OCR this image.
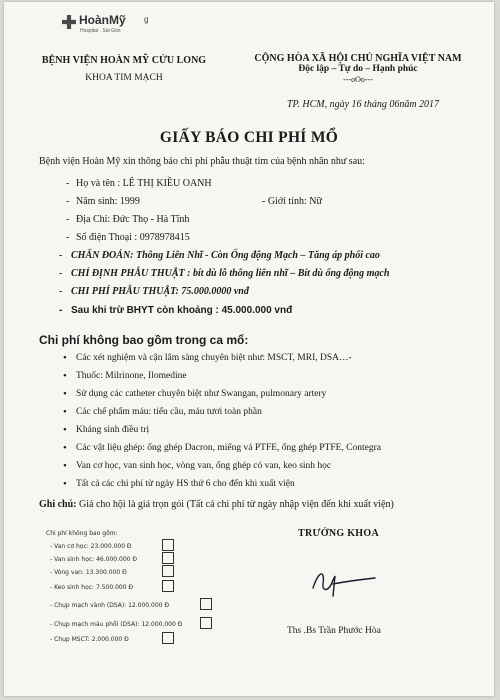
HoànMỹ
Hospital · Sài Gòn
g
BỆNH VIỆN HOÀN MỸ CỬU LONG
KHOA TIM MẠCH
CỘNG HÒA XÃ HỘI CHỦ NGHĨA VIỆT NAM
Độc lập – Tự do – Hạnh phúc
---oOo---
TP. HCM, ngày 16 tháng 06năm 2017
GIẤY BÁO CHI PHÍ MỔ
Bệnh viện Hoàn Mỹ xin thông báo chi phí phẫu thuật tim của bệnh nhân như sau:
- Họ và tên : LÊ THỊ KIỀU OANH
- Năm sinh: 1999	- Giới tính: Nữ
- Địa Chỉ: Đức Thọ - Hà Tĩnh
- Số điện Thoại : 0978978415
- CHẨN ĐOÁN: Thông Liên Nhĩ - Còn Ống động Mạch – Tăng áp phổi cao
- CHỈ ĐỊNH PHẪU THUẬT : bít dù lỗ thông liên nhĩ – Bít dù ống động mạch
- CHI PHÍ PHẪU THUẬT: 75.000.0000 vnđ
- Sau khi trừ BHYT còn khoảng : 45.000.000 vnđ
Chi phí không bao gồm trong ca mổ:
• Các xét nghiệm và cận lâm sàng chuyên biệt như: MSCT, MRI, DSA…-
• Thuốc: Milrinone, Ilomedine
• Sử dụng các catheter chuyên biệt như Swangan, pulmonary artery
• Các chế phẩm máu: tiểu cầu, máu tươi toàn phần
• Kháng sinh điều trị
• Các vật liệu ghép: ống ghép Dacron, miếng vá PTFE, ống ghép PTFE, Contegra
• Van cơ học, van sinh học, vòng van, ống ghép có van, keo sinh học
• Tất cả các chi phí từ ngày HS thứ 6 cho đến khi xuất viện
Ghi chú: Giá cho hội là giá trọn gói (Tất cả chi phí từ ngày nhập viện đến khi xuất viện)
TRƯỞNG KHOA
Ths .Bs Trần Phước Hòa
Chi phí không bao gồm:
- Van cơ học: 23.000.000 Đ
- Van sinh học: 46.000.000 Đ
- Vòng van: 13.300.000 Đ
- Keo sinh học: 7.500.000 Đ
- Chụp mạch vành (DSA): 12.000.000 Đ
- Chụp mạch máu phổi (DSA): 12.000.000 Đ
- Chụp MSCT: 2.000.000 Đ
